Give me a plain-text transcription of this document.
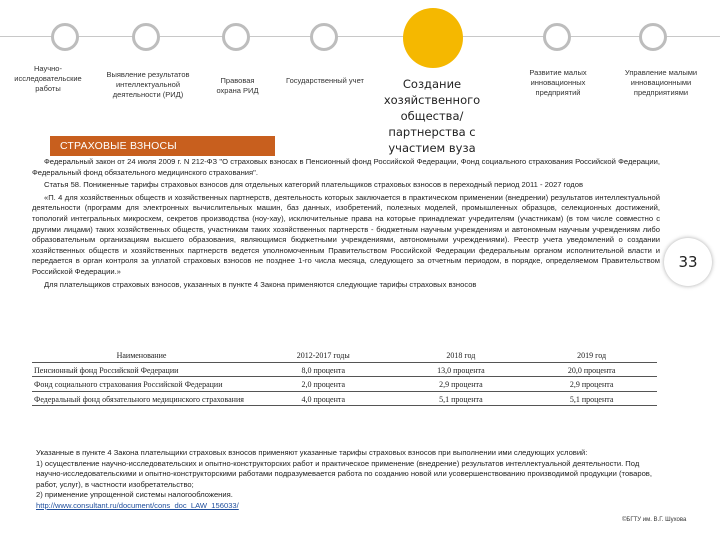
Научно-исследовательские работы
Выявление результатов интеллектуальной деятельности (РИД)
Правовая охрана РИД
Государственный учет	Создание хозяйственного общества/партнерства с участием вуза
Развитие малых инновационных предприятий
Управление малыми инновационными предприятиями
СТРАХОВЫЕ ВЗНОСЫ

Федеральный закон от 24 июля 2009 г. N 212-ФЗ "О страховых взносах в Пенсионный фонд Российской Федерации, Фонд социального страхования Российской Федерации, Федеральный фонд обязательного медицинского страхования".

Статья 58. Пониженные тарифы страховых взносов для отдельных категорий плательщиков страховых взносов в переходный период 2011 - 2027 годов

«П. 4 для хозяйственных обществ и хозяйственных партнерств, деятельность которых заключается в практическом применении (внедрении) результатов интеллектуальной деятельности (программ для электронных вычислительных машин, баз данных, изобретений, полезных моделей, промышленных образцов, селекционных достижений, топологий интегральных микросхем, секретов производства (ноу-хау), исключительные права на которые принадлежат учредителям (участникам) (в том числе совместно с другими лицами) таких хозяйственных обществ, участникам таких хозяйственных партнерств - бюджетным научным учреждениям и автономным научным учреждениям либо образовательным организациям высшего образования, являющимся бюджетными учреждениями, автономными учреждениями). Реестр учета уведомлений о создании хозяйственных обществ и хозяйственных партнерств ведется уполномоченным Правительством Российской Федерации федеральным органом исполнительной власти и передается в орган контроля за уплатой страховых взносов не позднее 1-го числа месяца, следующего за отчетным периодом, в порядке, определяемом Правительством Российской Федерации.»

Для плательщиков страховых взносов, указанных в пункте 4 Закона применяются следующие тарифы страховых взносов

33
Наименование	2012-2017 годы	2018 год	2019 год
Пенсионный фонд Российской Федерации	8,0 процента	13,0 процента	20,0 процента
Фонд социального страхования Российской Федерации	2,0 процента	2,9 процента	2,9 процента
Федеральный фонд обязательного медицинского страхования	4,0 процента	5,1 процента	5,1 процента

Указанные в пункте 4 Закона плательщики страховых взносов применяют указанные тарифы страховых взносов при выполнении ими следующих условий:

1) осуществление научно-исследовательских и опытно-конструкторских работ и практическое применение (внедрение) результатов интеллектуальной деятельности. Под научно-исследовательскими и опытно-конструкторскими работами подразумевается работа по созданию новой или усовершенствованию производимой продукции (товаров, работ, услуг), в частности изобретательство;

2) применение упрощенной системы налогообложения.

http://www.consultant.ru/document/cons_doc_LAW_156033/

©БГТУ им. В.Г. Шухова
